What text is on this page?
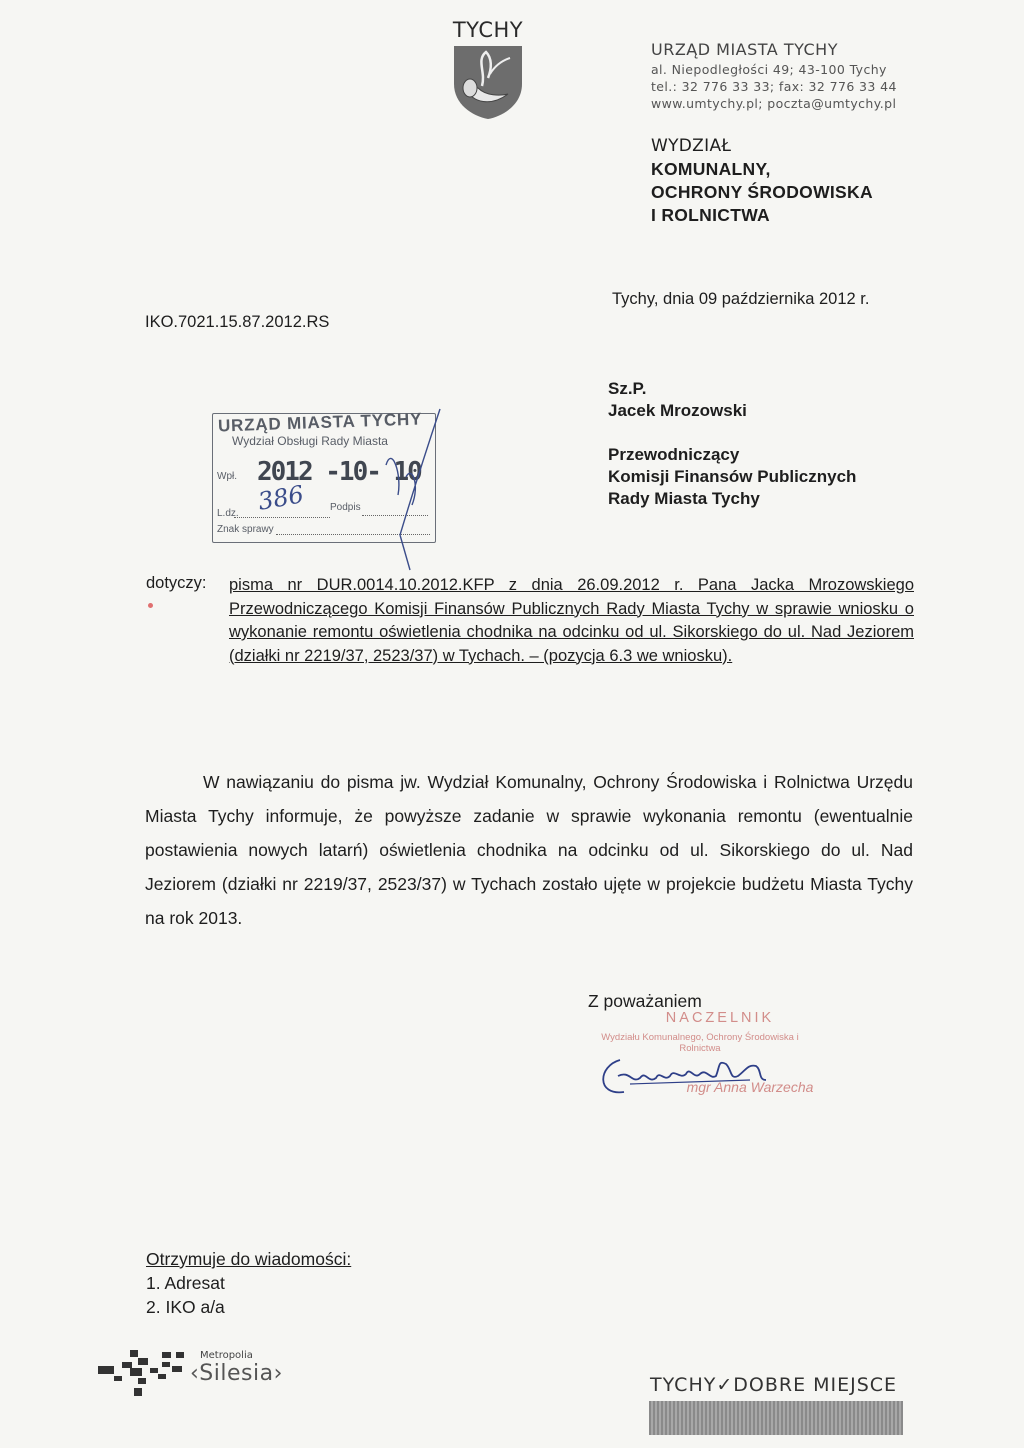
TYCHY
URZĄD MIASTA TYCHY
al. Niepodległości 49; 43-100 Tychy
tel.: 32 776 33 33; fax: 32 776 33 44
www.umtychy.pl; poczta@umtychy.pl
WYDZIAŁ
KOMUNALNY,
OCHRONY ŚRODOWISKA
I ROLNICTWA
IKO.7021.15.87.2012.RS
Tychy, dnia 09 października 2012 r.
Sz.P.
Jacek Mrozowski
Przewodniczący
Komisji Finansów Publicznych
Rady Miasta Tychy
URZĄD MIASTA TYCHY
Wydział Obsługi Rady Miasta
Wpł. 2012 -10- 10
L.dz.
Podpis
Znak sprawy
386
dotyczy: pisma nr DUR.0014.10.2012.KFP z dnia 26.09.2012 r. Pana Jacka Mrozowskiego Przewodniczącego Komisji Finansów Publicznych Rady Miasta Tychy w sprawie wniosku o wykonanie remontu oświetlenia chodnika na odcinku od ul. Sikorskiego do ul. Nad Jeziorem (działki nr 2219/37, 2523/37) w Tychach. – (pozycja 6.3 we wniosku).
W nawiązaniu do pisma jw. Wydział Komunalny, Ochrony Środowiska i Rolnictwa Urzędu Miasta Tychy informuje, że powyższe zadanie w sprawie wykonania remontu (ewentualnie postawienia nowych latarń) oświetlenia chodnika na odcinku od ul. Sikorskiego do ul. Nad Jeziorem (działki nr 2219/37, 2523/37) w Tychach zostało ujęte w projekcie budżetu Miasta Tychy na rok 2013.
Z poważaniem
NACZELNIK
Wydziału Komunalnego, Ochrony Środowiska i Rolnictwa
mgr Anna Warzecha
Otrzymuje do wiadomości:
1. Adresat
2. IKO a/a
Metropolia
‹Silesia›	TYCHY✓DOBRE MIEJSCE
